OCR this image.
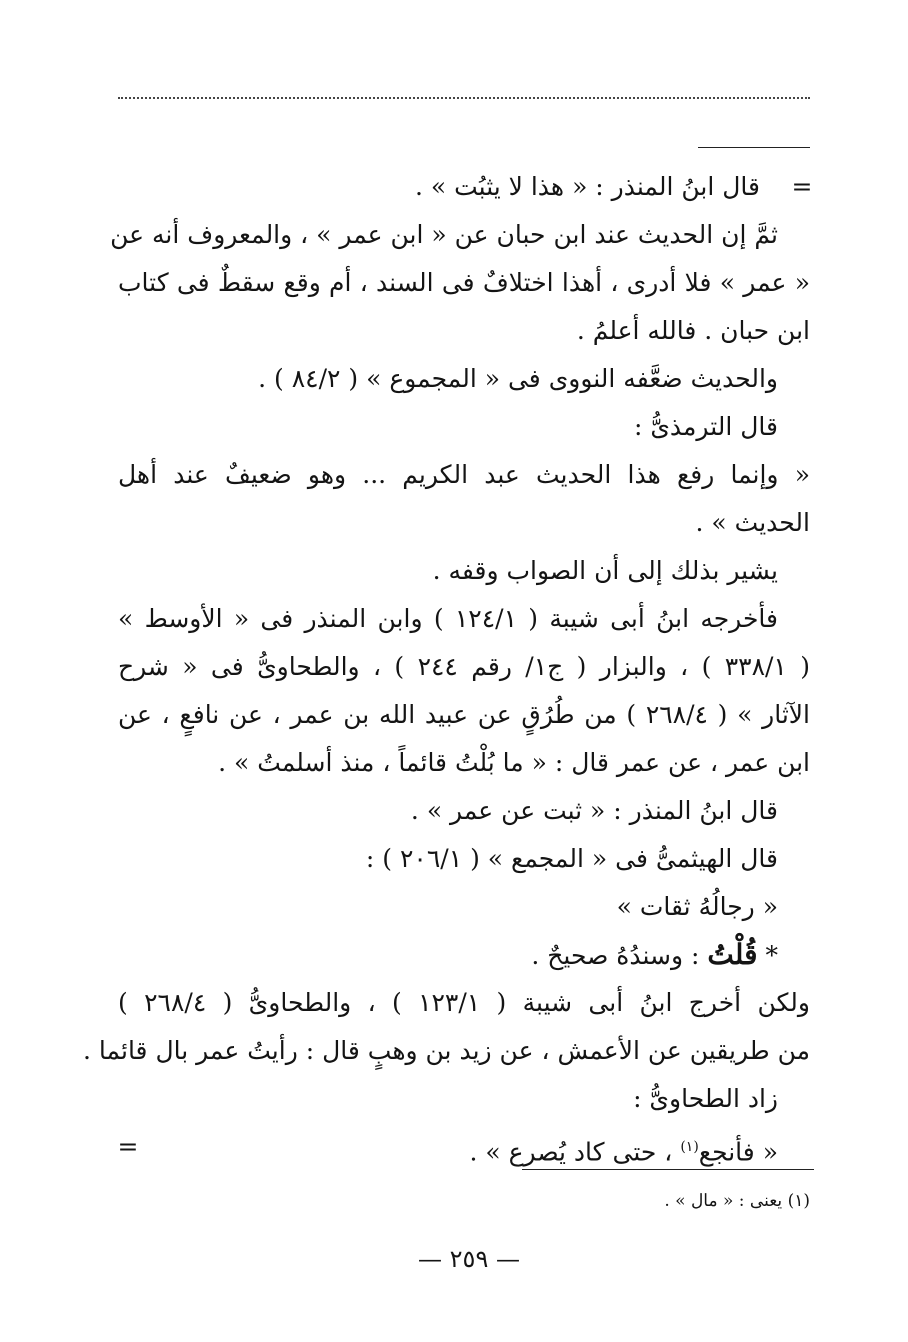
=
قال ابنُ المنذر : « هذا لا يثبُت » .
ثمَّ إن الحديث عند ابن حبان عن « ابن عمر » ، والمعروف أنه عن
« عمر » فلا أدرى ، أهذا اختلافٌ فى السند ، أم وقع سقطٌ فى كتاب
ابن حبان . فالله أعلمُ .
والحديث ضعَّفه النووى فى « المجموع » ( ٨٤/٢ ) .
قال الترمذىُّ :
« وإنما رفع هذا الحديث عبد الكريم ... وهو ضعيفٌ عند أهل
الحديث » .
يشير بذلك إلى أن الصواب وقفه .
فأخرجه ابنُ أبى شيبة ( ١٢٤/١ ) وابن المنذر فى « الأوسط »
( ٣٣٨/١ ) ، والبزار ( ج١/ رقم ٢٤٤ ) ، والطحاوىُّ فى « شرح
الآثار » ( ٢٦٨/٤ ) من طُرُقٍ عن عبيد الله بن عمر ، عن نافعٍ ، عن
ابن عمر ، عن عمر قال : « ما بُلْتُ قائماً ، منذ أسلمتُ » .
قال ابنُ المنذر : « ثبت عن عمر » .
قال الهيثمىُّ فى « المجمع » ( ٢٠٦/١ ) :
« رجالُهُ ثقات »
* قُلْتُ : وسندُهُ صحيحٌ .
ولكن أخرج ابنُ أبى شيبة ( ١٢٣/١ ) ، والطحاوىُّ ( ٢٦٨/٤ )
من طريقين عن الأعمش ، عن زيد بن وهبٍ قال : رأيتُ عمر بال قائما .
زاد الطحاوىُّ :
« فأنجع$^{(١)}$ ، حتى كاد يُصرع » .
=
(١) يعنى : « مال » .
— ٢٥٩ —
